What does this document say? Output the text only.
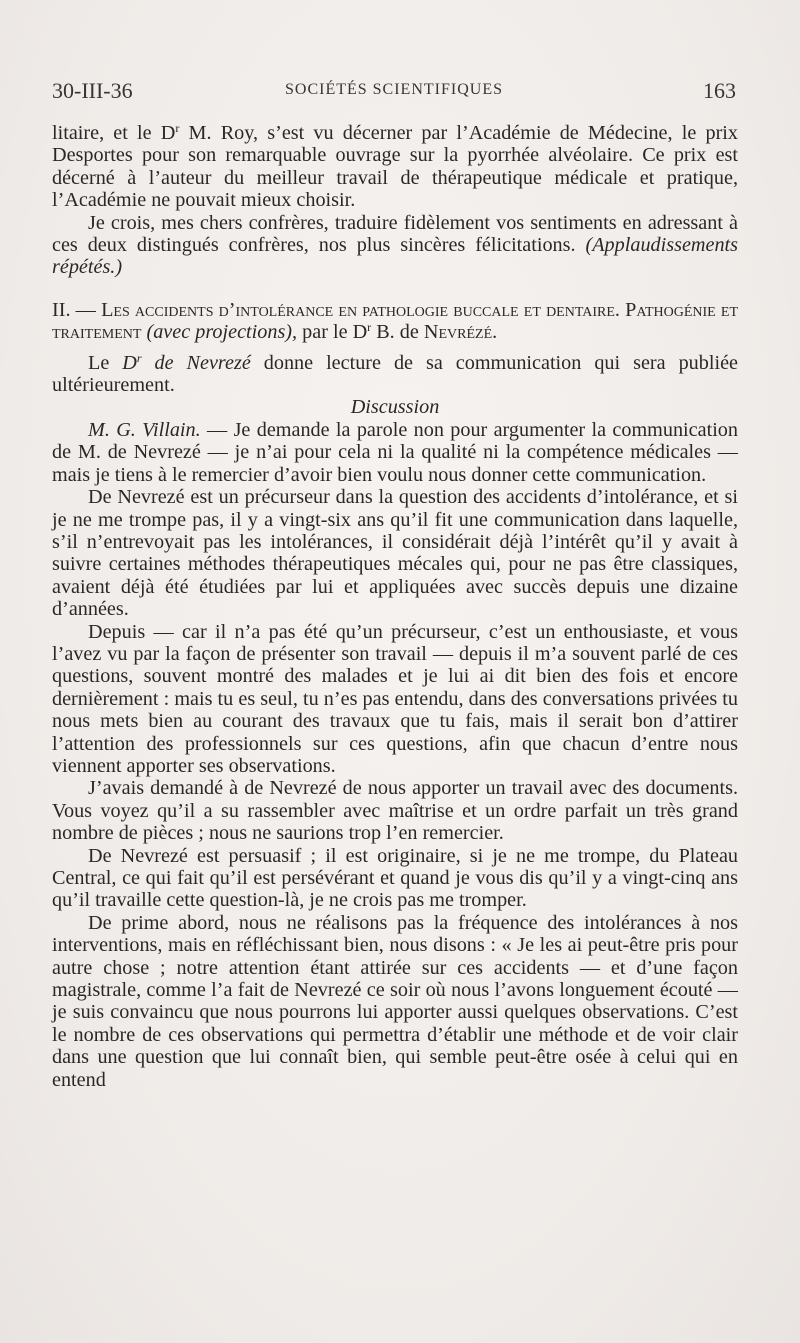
30-III-36	SOCIÉTÉS SCIENTIFIQUES	163

litaire, et le $D^r$ M. Roy, s’est vu décerner par l’Académie de Médecine, le prix Desportes pour son remarquable ouvrage sur la pyorrhée alvéolaire. Ce prix est décerné à l’auteur du meilleur travail de thérapeutique médicale et pratique, l’Académie ne pouvait mieux choisir.

Je crois, mes chers confrères, traduire fidèlement vos sentiments en adressant à ces deux distingués confrères, nos plus sincères félicitations. (Applaudissements répétés.)

II. — Les accidents d’intolérance en pathologie buccale et dentaire. Pathogénie et traitement (avec projections), par le $D^r$ B. de Nevrézé.

Le $D^r$ de Nevrezé donne lecture de sa communication qui sera publiée ultérieurement.

Discussion

M. G. Villain. — Je demande la parole non pour argumenter la communication de M. de Nevrezé — je n’ai pour cela ni la qualité ni la compétence médicales — mais je tiens à le remercier d’avoir bien voulu nous donner cette communication.

De Nevrezé est un précurseur dans la question des accidents d’intolérance, et si je ne me trompe pas, il y a vingt-six ans qu’il fit une communication dans laquelle, s’il n’entrevoyait pas les intolérances, il considérait déjà l’intérêt qu’il y avait à suivre certaines méthodes thérapeutiques mécales qui, pour ne pas être classiques, avaient déjà été étudiées par lui et appliquées avec succès depuis une dizaine d’années.

Depuis — car il n’a pas été qu’un précurseur, c’est un enthousiaste, et vous l’avez vu par la façon de présenter son travail — depuis il m’a souvent parlé de ces questions, souvent montré des malades et je lui ai dit bien des fois et encore dernièrement : mais tu es seul, tu n’es pas entendu, dans des conversations privées tu nous mets bien au courant des travaux que tu fais, mais il serait bon d’attirer l’attention des professionnels sur ces questions, afin que chacun d’entre nous viennent apporter ses observations.

J’avais demandé à de Nevrezé de nous apporter un travail avec des documents. Vous voyez qu’il a su rassembler avec maîtrise et un ordre parfait un très grand nombre de pièces ; nous ne saurions trop l’en remercier.

De Nevrezé est persuasif ; il est originaire, si je ne me trompe, du Plateau Central, ce qui fait qu’il est persévérant et quand je vous dis qu’il y a vingt-cinq ans qu’il travaille cette question-là, je ne crois pas me tromper.

De prime abord, nous ne réalisons pas la fréquence des intolérances à nos interventions, mais en réfléchissant bien, nous disons : « Je les ai peut-être pris pour autre chose ; notre attention étant attirée sur ces accidents — et d’une façon magistrale, comme l’a fait de Nevrezé ce soir où nous l’avons longuement écouté — je suis convaincu que nous pourrons lui apporter aussi quelques observations. C’est le nombre de ces observations qui permettra d’établir une méthode et de voir clair dans une question que lui connaît bien, qui semble peut-être osée à celui qui en entend
